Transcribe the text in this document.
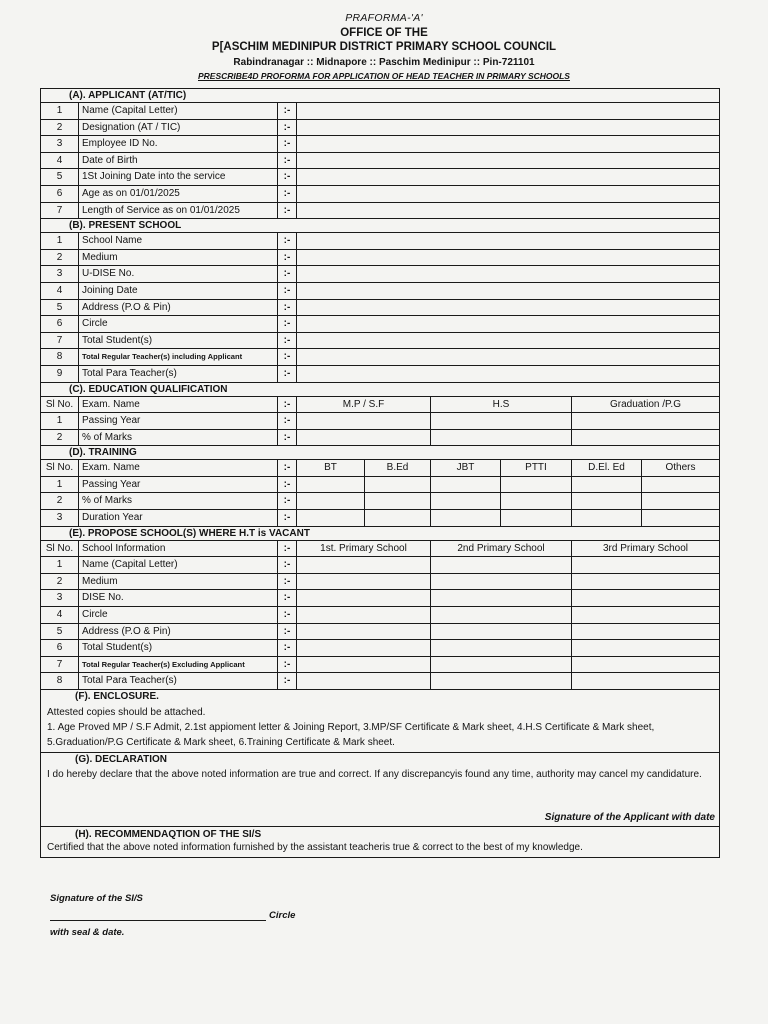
PRAFORMA-'A'
OFFICE OF THE
P[ASCHIM MEDINIPUR DISTRICT PRIMARY SCHOOL COUNCIL
Rabindranagar :: Midnapore :: Paschim Medinipur :: Pin-721101
PRESCRIBE4D PROFORMA FOR APPLICATION OF HEAD TEACHER IN PRIMARY SCHOOLS
(A). APPLICANT (AT/TIC)
1	Name (Capital Letter)	:-
2	Designation (AT / TIC)	:-
3	Employee ID No.	:-
4	Date of Birth	:-
5	1St Joining Date into the service	:-
6	Age as on 01/01/2025	:-
7	Length of Service as on 01/01/2025	:-
(B). PRESENT SCHOOL
1	School Name	:-
2	Medium	:-
3	U-DISE No.	:-
4	Joining Date	:-
5	Address (P.O & Pin)	:-
6	Circle	:-
7	Total Student(s)	:-
8	Total Regular Teacher(s) including Applicant	:-
9	Total Para Teacher(s)	:-
(C). EDUCATION QUALIFICATION
Sl No. Exam. Name	:-	M.P / S.F	H.S	Graduation /P.G
1	Passing Year	:-
2	% of Marks	:-
(D). TRAINING
Sl No. Exam. Name	:-	BT	B.Ed	JBT	PTTI	D.El. Ed	Others
1	Passing Year	:-
2	% of Marks	:-
3	Duration Year	:-
(E). PROPOSE SCHOOL(S) WHERE H.T is VACANT
Sl No. School Information	:-	1st. Primary School	2nd Primary School	3rd Primary School
1	Name (Capital Letter)	:-
2	Medium	:-
3	DISE No.	:-
4	Circle	:-
5	Address (P.O & Pin)	:-
6	Total Student(s)	:-
7	Total Regular Teacher(s) Excluding Applicant	:-
8	Total Para Teacher(s)	:-
(F). ENCLOSURE.

Attested copies should be attached.
1. Age Proved MP / S.F Admit, 2.1st appioment letter & Joining Report, 3.MP/SF Certificate & Mark sheet, 4.H.S Certificate & Mark sheet, 5.Graduation/P.G Certificate & Mark sheet, 6.Training Certificate & Mark sheet.

(G). DECLARATION

I do hereby declare that the above noted information are true and correct. If any discrepancyis found any time, authority may cancel my candidature.

Signature of the Applicant with date
(H). RECOMMENDAQTION OF THE SI/S

Certified that the above noted information furnished by the assistant teacheris true & correct to the best of my knowledge.

Signature of the SI/S
Circle
with seal & date.
